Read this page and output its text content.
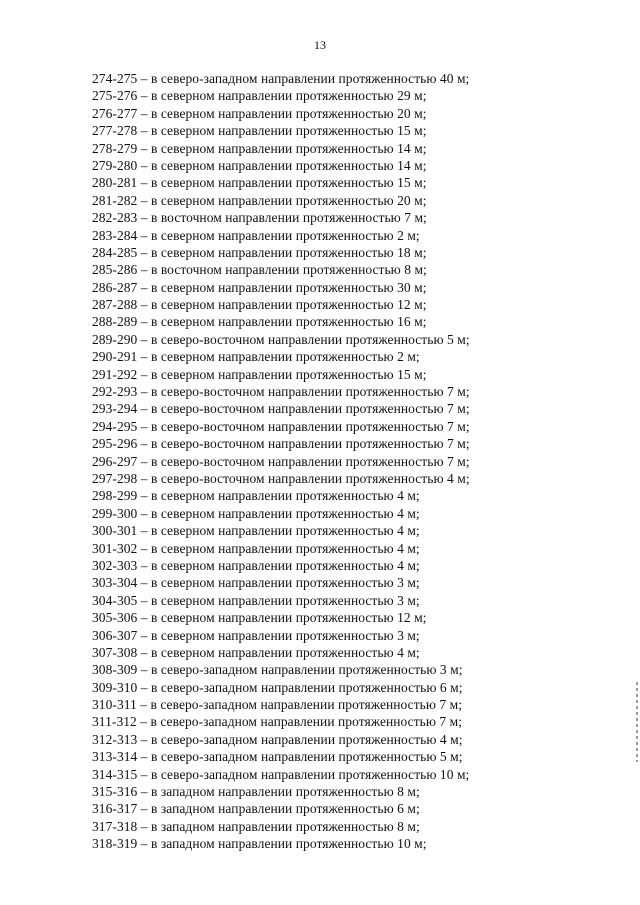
13
274-275 – в северо-западном направлении протяженностью 40 м;
275-276 – в северном направлении протяженностью 29 м;
276-277 – в северном направлении протяженностью 20 м;
277-278 – в северном направлении протяженностью 15 м;
278-279 – в северном направлении протяженностью 14 м;
279-280 – в северном направлении протяженностью 14 м;
280-281 – в северном направлении протяженностью 15 м;
281-282 – в северном направлении протяженностью 20 м;
282-283 – в восточном направлении протяженностью 7 м;
283-284 – в северном направлении протяженностью 2 м;
284-285 – в северном направлении протяженностью 18 м;
285-286 – в восточном направлении протяженностью 8 м;
286-287 – в северном направлении протяженностью 30 м;
287-288 – в северном направлении протяженностью 12 м;
288-289 – в северном направлении протяженностью 16 м;
289-290 – в северо-восточном направлении протяженностью 5 м;
290-291 – в северном направлении протяженностью 2 м;
291-292 – в северном направлении протяженностью 15 м;
292-293 – в северо-восточном направлении протяженностью 7 м;
293-294 – в северо-восточном направлении протяженностью 7 м;
294-295 – в северо-восточном направлении протяженностью 7 м;
295-296 – в северо-восточном направлении протяженностью 7 м;
296-297 – в северо-восточном направлении протяженностью 7 м;
297-298 – в северо-восточном направлении протяженностью 4 м;
298-299 – в северном направлении протяженностью 4 м;
299-300 – в северном направлении протяженностью 4 м;
300-301 – в северном направлении протяженностью 4 м;
301-302 – в северном направлении протяженностью 4 м;
302-303 – в северном направлении протяженностью 4 м;
303-304 – в северном направлении протяженностью 3 м;
304-305 – в северном направлении протяженностью 3 м;
305-306 – в северном направлении протяженностью 12 м;
306-307 – в северном направлении протяженностью 3 м;
307-308 – в северном направлении протяженностью 4 м;
308-309 – в северо-западном направлении протяженностью 3 м;
309-310 – в северо-западном направлении протяженностью 6 м;
310-311 – в северо-западном направлении протяженностью 7 м;
311-312 – в северо-западном направлении протяженностью 7 м;
312-313 – в северо-западном направлении протяженностью 4 м;
313-314 – в северо-западном направлении протяженностью 5 м;
314-315 – в северо-западном направлении протяженностью 10 м;
315-316 – в западном направлении протяженностью 8 м;
316-317 – в западном направлении протяженностью 6 м;
317-318 – в западном направлении протяженностью 8 м;
318-319 – в западном направлении протяженностью 10 м;
